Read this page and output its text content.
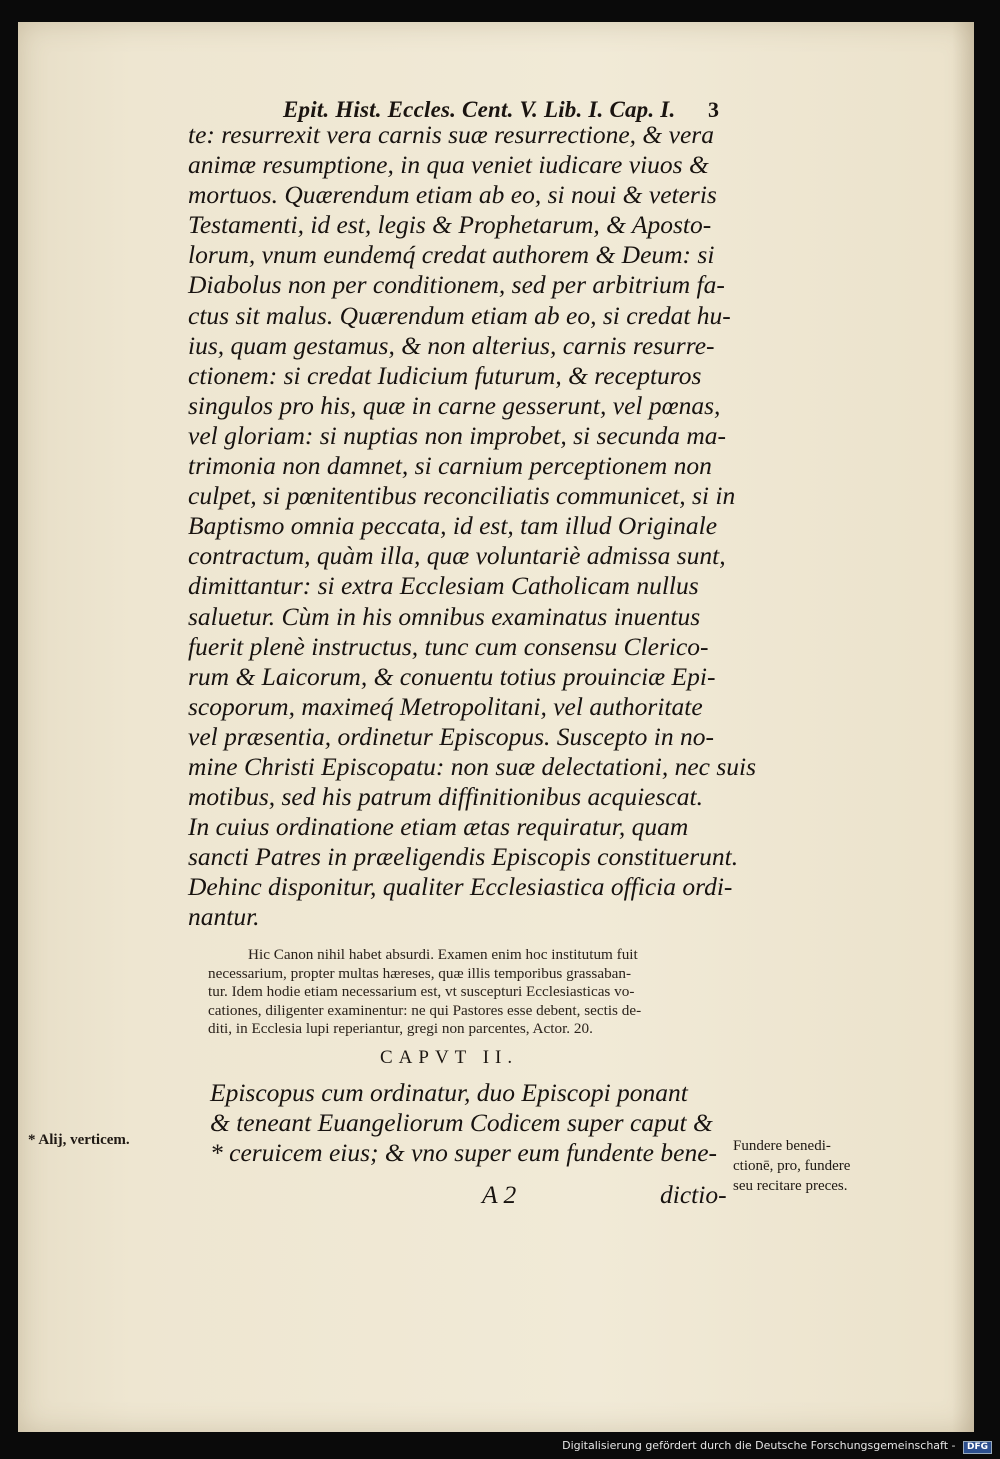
Epit. Hist. Eccles. Cent. V. Lib. I. Cap. I. 3
te: resurrexit vera carnis suæ resurrectione, & vera
animæ resumptione, in qua veniet iudicare viuos &
mortuos. Quærendum etiam ab eo, si noui & veteris
Testamenti, id est, legis & Prophetarum, & Aposto-
lorum, vnum eundemq́ credat authorem & Deum: si
Diabolus non per conditionem, sed per arbitrium fa-
ctus sit malus. Quærendum etiam ab eo, si credat hu-
ius, quam gestamus, & non alterius, carnis resurre-
ctionem: si credat Iudicium futurum, & recepturos
singulos pro his, quæ in carne gesserunt, vel pœnas,
vel gloriam: si nuptias non improbet, si secunda ma-
trimonia non damnet, si carnium perceptionem non
culpet, si pœnitentibus reconciliatis communicet, si in
Baptismo omnia peccata, id est, tam illud Originale
contractum, quàm illa, quæ voluntariè admissa sunt,
dimittantur: si extra Ecclesiam Catholicam nullus
saluetur. Cùm in his omnibus examinatus inuentus
fuerit plenè instructus, tunc cum consensu Clerico-
rum & Laicorum, & conuentu totius prouinciæ Epi-
scoporum, maximeq́ Metropolitani, vel authoritate
vel præsentia, ordinetur Episcopus. Suscepto in no-
mine Christi Episcopatu: non suæ delectationi, nec suis
motibus, sed his patrum diffinitionibus acquiescat.
In cuius ordinatione etiam ætas requiratur, quam
sancti Patres in præeligendis Episcopis constituerunt.
Dehinc disponitur, qualiter Ecclesiastica officia ordi-
nantur.
Hic Canon nihil habet absurdi. Examen enim hoc institutum fuit
necessarium, propter multas hæreses, quæ illis temporibus grassaban-
tur. Idem hodie etiam necessarium est, vt suscepturi Ecclesiasticas vo-
cationes, diligenter examinentur: ne qui Pastores esse debent, sectis de-
diti, in Ecclesia lupi reperiantur, gregi non parcentes, Actor. 20.
CAPVT II.
Episcopus cum ordinatur, duo Episcopi ponant
& teneant Euangeliorum Codicem super caput &
* ceruicem eius; & vno super eum fundente bene-
A 2	dictio-
* Alij, verticem.	Fundere benedi-
ctionē, pro, fundere
seu recitare preces.
Digitalisierung gefördert durch die Deutsche Forschungsgemeinschaft - DFG
